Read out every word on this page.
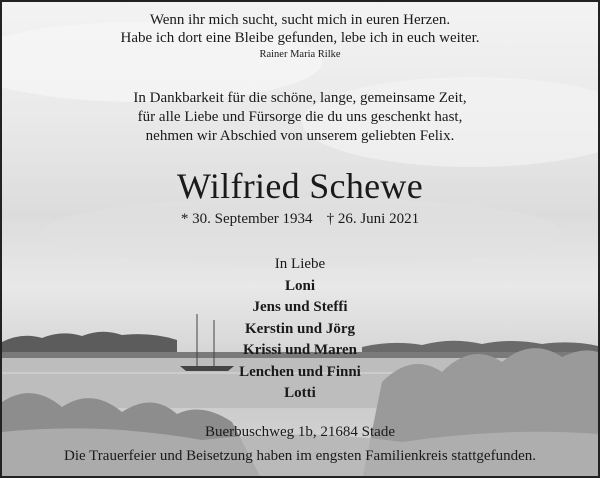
Wenn ihr mich sucht, sucht mich in euren Herzen.
Habe ich dort eine Bleibe gefunden, lebe ich in euch weiter.
Rainer Maria Rilke
In Dankbarkeit für die schöne, lange, gemeinsame Zeit,
für alle Liebe und Fürsorge die du uns geschenkt hast,
nehmen wir Abschied von unserem geliebten Felix.
Wilfried Schewe
* 30. September 1934 † 26. Juni 2021
In Liebe
Loni
Jens und Steffi
Kerstin und Jörg
Krissi und Maren
Lenchen und Finni
Lotti
Buerbuschweg 1b, 21684 Stade
Die Trauerfeier und Beisetzung haben im engsten Familienkreis stattgefunden.
